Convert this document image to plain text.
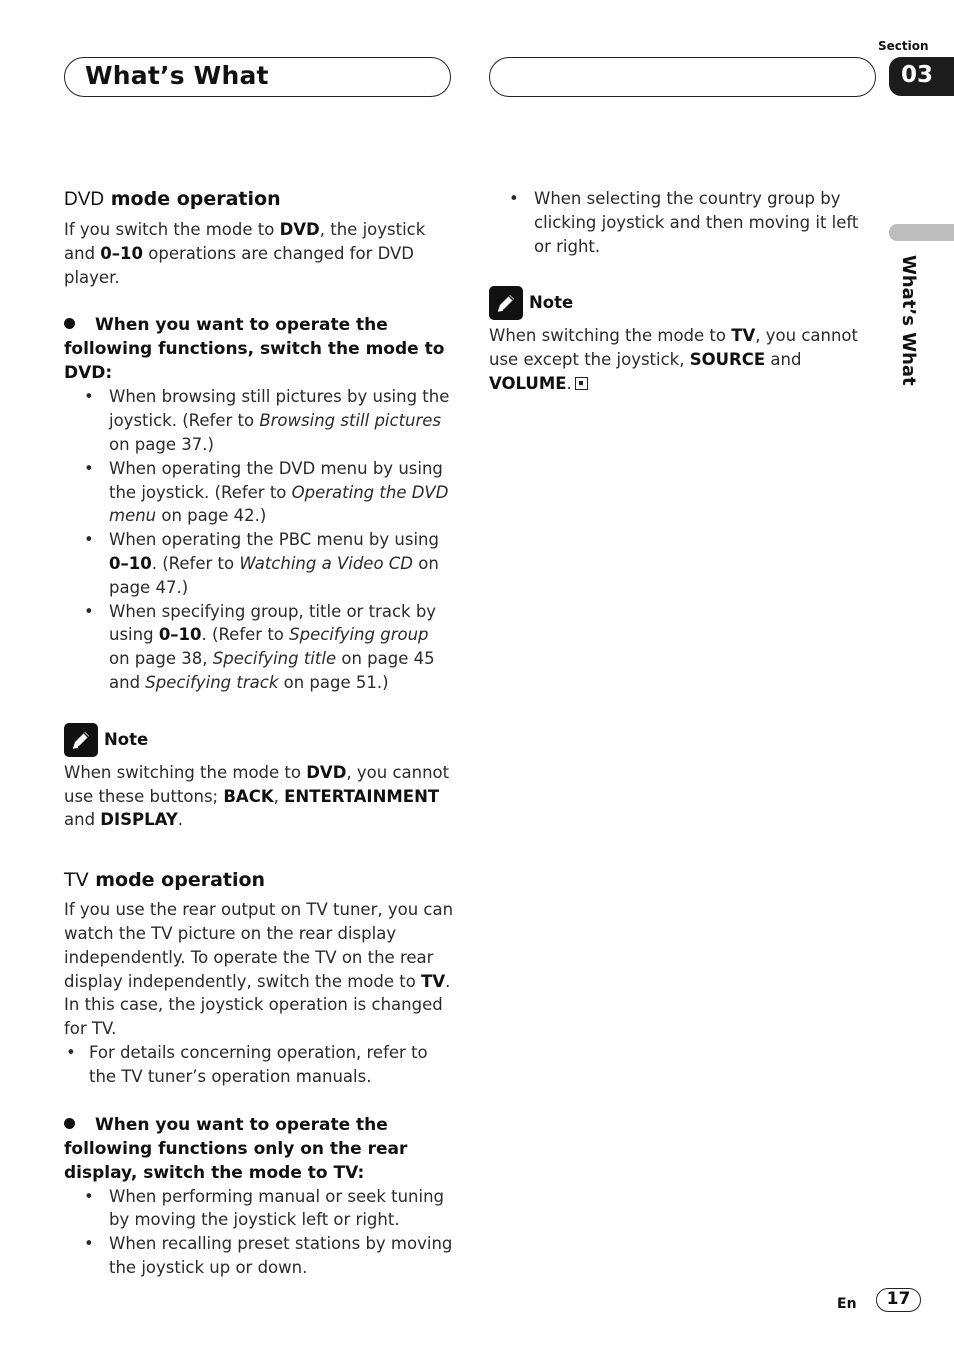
What’s What
Section
03
What’s What
DVD mode operation

If you switch the mode to DVD, the joystick and 0–10 operations are changed for DVD player.

When you want to operate the following functions, switch the mode to DVD:

• When browsing still pictures by using the joystick. (Refer to Browsing still pictures on page 37.)
• When operating the DVD menu by using the joystick. (Refer to Operating the DVD menu on page 42.)
• When operating the PBC menu by using 0–10. (Refer to Watching a Video CD on page 47.)
• When specifying group, title or track by using 0–10. (Refer to Specifying group on page 38, Specifying title on page 45 and Specifying track on page 51.)
Note

When switching the mode to DVD, you cannot use these buttons; BACK, ENTERTAINMENT and DISPLAY.

TV mode operation

If you use the rear output on TV tuner, you can watch the TV picture on the rear display independently. To operate the TV on the rear display independently, switch the mode to TV. In this case, the joystick operation is changed for TV.

• For details concerning operation, refer to the TV tuner’s operation manuals.

When you want to operate the following functions only on the rear display, switch the mode to TV:

• When performing manual or seek tuning by moving the joystick left or right.
• When recalling preset stations by moving the joystick up or down.
• When selecting the country group by clicking joystick and then moving it left or right.
Note

When switching the mode to TV, you cannot use except the joystick, SOURCE and VOLUME.

En	17
